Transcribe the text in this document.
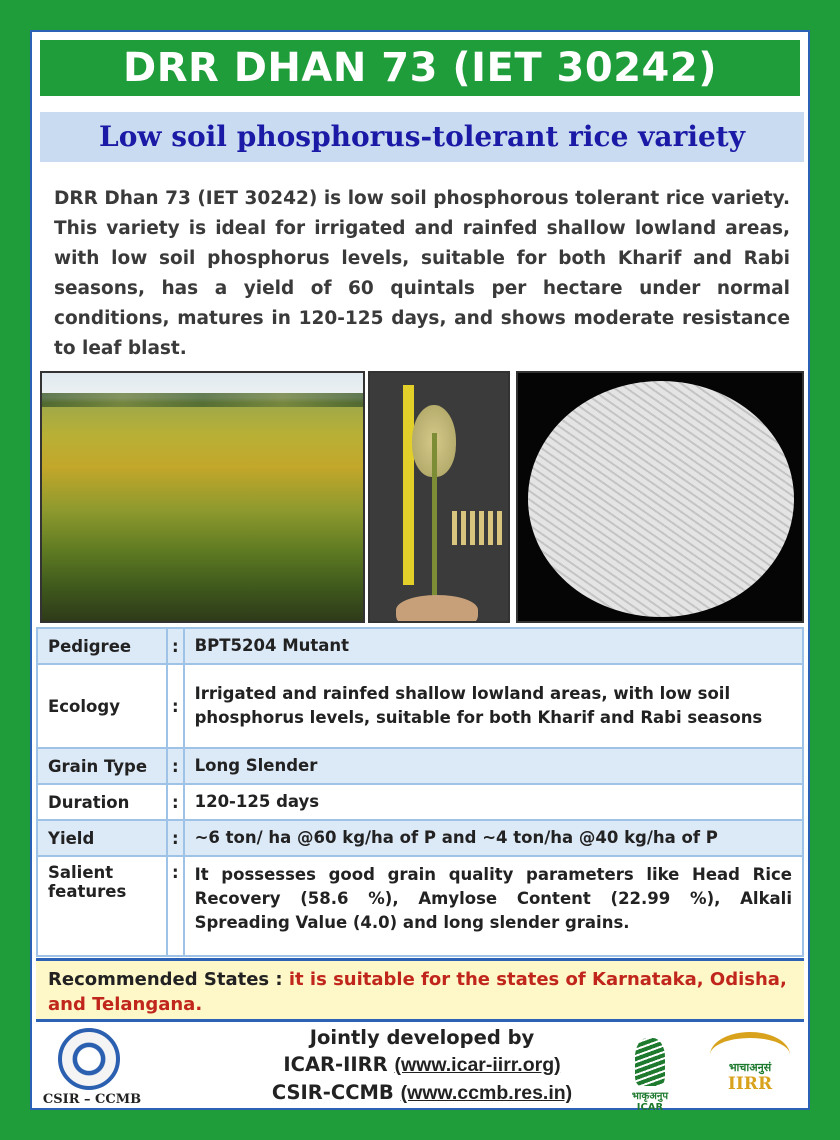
DRR DHAN 73 (IET 30242)
Low soil phosphorus-tolerant rice variety

DRR Dhan 73 (IET 30242) is low soil phosphorous tolerant rice variety. This variety is ideal for irrigated and rainfed shallow lowland areas, with low soil phosphorus levels, suitable for both Kharif and Rabi seasons, has a yield of 60 quintals per hectare under normal conditions, matures in 120-125 days, and shows moderate resistance to leaf blast.

Pedigree	:	BPT5204 Mutant
Ecology	:	Irrigated and rainfed shallow lowland areas, with low soil phosphorus levels, suitable for both Kharif and Rabi seasons
Grain Type	:	Long Slender
Duration	:	120-125 days
Yield	:	~6 ton/ ha @60 kg/ha of P and ~4 ton/ha @40 kg/ha of P
Salient features	:	It possesses good grain quality parameters like Head Rice Recovery (58.6 %), Amylose Content (22.99 %), Alkali Spreading Value (4.0) and long slender grains.
Recommended States : it is suitable for the states of Karnataka, Odisha, and Telangana.
CSIR – CCMB
Jointly developed by
ICAR-IIRR (www.icar-iirr.org)
CSIR-CCMB (www.ccmb.res.in)	भाकृअनुप ICAR
भाचाअनुसं
IIRR
